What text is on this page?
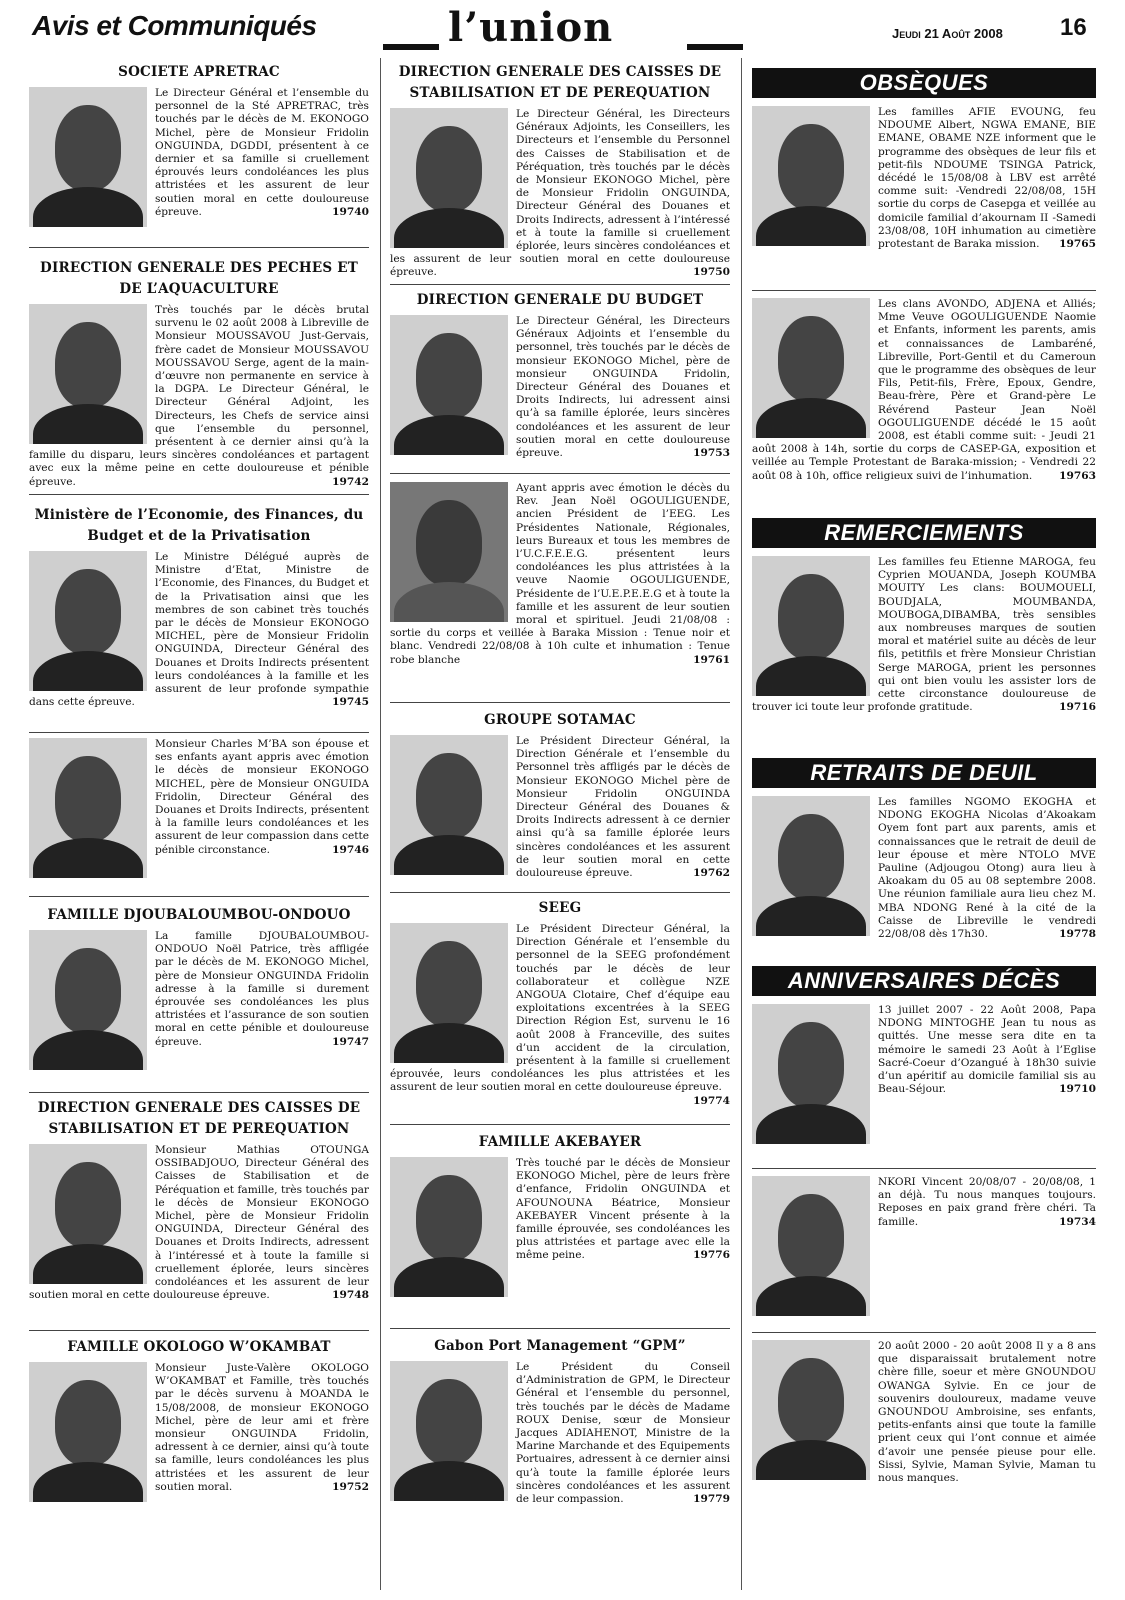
Avis et Communiqués	l’union	Jeudi 21 Août 2008 16
SOCIETE APRETRAC
Le Directeur Général et l’ensemble du personnel de la Sté APRETRAC, très touchés par le décès de M. EKONOGO Michel, père de Monsieur Fridolin ONGUINDA, DGDDI, présentent à ce dernier et sa famille si cruellement éprouvés leurs condoléances les plus attristées et les assurent de leur soutien moral en cette douloureuse épreuve.	19740
DIRECTION GENERALE DES PECHES ET DE L’AQUACULTURE
Très touchés par le décès brutal survenu le 02 août 2008 à Libreville de Monsieur MOUSSAVOU Just-Gervais, frère cadet de Monsieur MOUSSAVOU MOUSSAVOU Serge, agent de la main-d’œuvre non permanente en service à la DGPA. Le Directeur Général, le Directeur Général Adjoint, les Directeurs, les Chefs de service ainsi que l’ensemble du personnel, présentent à ce dernier ainsi qu’à la famille du disparu, leurs sincères condoléances et partagent avec eux la même peine en cette douloureuse et pénible épreuve.	19742
Ministère de l’Economie, des Finances, du Budget et de la Privatisation
Le Ministre Délégué auprès de Ministre d’Etat, Ministre de l’Economie, des Finances, du Budget et de la Privatisation ainsi que les membres de son cabinet très touchés par le décès de Monsieur EKONOGO MICHEL, père de Monsieur Fridolin ONGUINDA, Directeur Général des Douanes et Droits Indirects présentent leurs condoléances à la famille et les assurent de leur profonde sympathie dans cette épreuve.	19745
Monsieur Charles M’BA son épouse et ses enfants ayant appris avec émotion le décès de monsieur EKONOGO MICHEL, père de Monsieur ONGUIDA Fridolin, Directeur Général des Douanes et Droits Indirects, présentent à la famille leurs condoléances et les assurent de leur compassion dans cette pénible circonstance.	19746
FAMILLE DJOUBALOUMBOU-ONDOUO
La famille DJOUBALOUMBOU-ONDOUO Noël Patrice, très affligée par le décès de M. EKONOGO Michel, père de Monsieur ONGUINDA Fridolin adresse à la famille si durement éprouvée ses condoléances les plus attristées et l’assurance de son soutien moral en cette pénible et douloureuse épreuve.	19747
DIRECTION GENERALE DES CAISSES DE STABILISATION ET DE PEREQUATION
Monsieur Mathias OTOUNGA OSSIBADJOUO, Directeur Général des Caisses de Stabilisation et de Péréquation et famille, très touchés par le décès de Monsieur EKONOGO Michel, père de Monsieur Fridolin ONGUINDA, Directeur Général des Douanes et Droits Indirects, adressent à l’intéressé et à toute la famille si cruellement éplorée, leurs sincères condoléances et les assurent de leur soutien moral en cette douloureuse épreuve.	19748
FAMILLE OKOLOGO W’OKAMBAT
Monsieur Juste-Valère OKOLOGO W’OKAMBAT et Famille, très touchés par le décès survenu à MOANDA le 15/08/2008, de monsieur EKONOGO Michel, père de leur ami et frère monsieur ONGUINDA Fridolin, adressent à ce dernier, ainsi qu’à toute sa famille, leurs condoléances les plus attristées et les assurent de leur soutien moral.	19752
DIRECTION GENERALE DES CAISSES DE STABILISATION ET DE PEREQUATION
Le Directeur Général, les Directeurs Généraux Adjoints, les Conseillers, les Directeurs et l’ensemble du Personnel des Caisses de Stabilisation et de Péréquation, très touchés par le décès de Monsieur EKONOGO Michel, père de Monsieur Fridolin ONGUINDA, Directeur Général des Douanes et Droits Indirects, adressent à l’intéressé et à toute la famille si cruellement éplorée, leurs sincères condoléances et les assurent de leur soutien moral en cette douloureuse épreuve.	19750
DIRECTION GENERALE DU BUDGET
Le Directeur Général, les Directeurs Généraux Adjoints et l’ensemble du personnel, très touchés par le décès de monsieur EKONOGO Michel, père de monsieur ONGUINDA Fridolin, Directeur Général des Douanes et Droits Indirects, lui adressent ainsi qu’à sa famille éplorée, leurs sincères condoléances et les assurent de leur soutien moral en cette douloureuse épreuve.	19753
Ayant appris avec émotion le décès du Rev. Jean Noël OGOULIGUENDE, ancien Président de l’EEG. Les Présidentes Nationale, Régionales, leurs Bureaux et tous les membres de l’U.C.F.E.E.G. présentent leurs condoléances les plus attristées à la veuve Naomie OGOULIGUENDE, Présidente de l’U.E.P.E.E.G et à toute la famille et les assurent de leur soutien moral et spirituel. Jeudi 21/08/08 : sortie du corps et veillée à Baraka Mission : Tenue noir et blanc. Vendredi 22/08/08 à 10h culte et inhumation : Tenue robe blanche	19761
GROUPE SOTAMAC
Le Président Directeur Général, la Direction Générale et l’ensemble du Personnel très affligés par le décès de Monsieur EKONOGO Michel père de Monsieur Fridolin ONGUINDA Directeur Général des Douanes & Droits Indirects adressent à ce dernier ainsi qu’à sa famille éplorée leurs sincères condoléances et les assurent de leur soutien moral en cette douloureuse épreuve.	19762
SEEG
Le Président Directeur Général, la Direction Générale et l’ensemble du personnel de la SEEG profondément touchés par le décès de leur collaborateur et collègue NZE ANGOUA Clotaire, Chef d’équipe eau exploitations excentrées à la SEEG Direction Région Est, survenu le 16 août 2008 à Franceville, des suites d’un accident de la circulation, présentent à la famille si cruellement éprouvée, leurs condoléances les plus attristées et les assurent de leur soutien moral en cette douloureuse épreuve.
19774
FAMILLE AKEBAYER
Très touché par le décès de Monsieur EKONOGO Michel, père de leurs frère d’enfance, Fridolin ONGUINDA et AFOUNOUNA Béatrice, Monsieur AKEBAYER Vincent présente à la famille éprouvée, ses condoléances les plus attristées et partage avec elle la même peine.	19776
Gabon Port Management “GPM”
Le Président du Conseil d’Administration de GPM, le Directeur Général et l’ensemble du personnel, très touchés par le décès de Madame ROUX Denise, sœur de Monsieur Jacques ADIAHENOT, Ministre de la Marine Marchande et des Equipements Portuaires, adressent à ce dernier ainsi qu’à toute la famille éplorée leurs sincères condoléances et les assurent de leur compassion.	19779
OBSÈQUES
Les familles AFIE EVOUNG, feu NDOUME Albert, NGWA EMANE, BIE EMANE, OBAME NZE informent que le programme des obsèques de leur fils et petit-fils NDOUME TSINGA Patrick, décédé le 15/08/08 à LBV est arrêté comme suit: -Vendredi 22/08/08, 15H sortie du corps de Casepga et veillée au domicile familial d’akournam II -Samedi 23/08/08, 10H inhumation au cimetière protestant de Baraka mission. 19765
Les clans AVONDO, ADJENA et Alliés; Mme Veuve OGOULIGUENDE Naomie et Enfants, informent les parents, amis et connaissances de Lambaréné, Libreville, Port-Gentil et du Cameroun que le programme des obsèques de leur Fils, Petit-fils, Frère, Epoux, Gendre, Beau-frère, Père et Grand-père Le Révérend Pasteur Jean Noël OGOULIGUENDE décédé le 15 août 2008, est établi comme suit: - Jeudi 21 août 2008 à 14h, sortie du corps de CASEP-GA, exposition et veillée au Temple Protestant de Baraka-mission; - Vendredi 22 août 08 à 10h, office religieux suivi de l’inhumation.	19763
REMERCIEMENTS
Les familles feu Etienne MAROGA, feu Cyprien MOUANDA, Joseph KOUMBA MOUITY Les clans: BOUMOUELI, BOUDJALA, MOUMBANDA, MOUBOGA,DIBAMBA, très sensibles aux nombreuses marques de soutien moral et matériel suite au décès de leur fils, petitfils et frère Monsieur Christian Serge MAROGA, prient les personnes qui ont bien voulu les assister lors de cette circonstance douloureuse de trouver ici toute leur profonde gratitude.	19716
RETRAITS DE DEUIL
Les familles NGOMO EKOGHA et NDONG EKOGHA Nicolas d’Akoakam Oyem font part aux parents, amis et connaissances que le retrait de deuil de leur épouse et mère NTOLO MVE Pauline (Adjougou Otong) aura lieu à Akoakam du 05 au 08 septembre 2008. Une réunion familiale aura lieu chez M. MBA NDONG René à la cité de la Caisse de Libreville le vendredi 22/08/08 dès 17h30.	19778
ANNIVERSAIRES DÉCÈS
13 juillet 2007 - 22 Août 2008, Papa NDONG MINTOGHE Jean tu nous as quittés. Une messe sera dite en ta mémoire le samedi 23 Août à l’Eglise Sacré-Coeur d’Ozangué à 18h30 suivie d’un apéritif au domicile familial sis au Beau-Séjour.	19710
NKORI Vincent 20/08/07 - 20/08/08, 1 an déjà. Tu nous manques toujours. Reposes en paix grand frère chéri. Ta famille.	19734
20 août 2000 - 20 août 2008 Il y a 8 ans que disparaissait brutalement notre chère fille, soeur et mère GNOUNDOU OWANGA Sylvie. En ce jour de souvenirs douloureux, madame veuve GNOUNDOU Ambroisine, ses enfants, petits-enfants ainsi que toute la famille prient ceux qui l’ont connue et aimée d’avoir une pensée pieuse pour elle. Sissi, Sylvie, Maman Sylvie, Maman tu nous manques.
